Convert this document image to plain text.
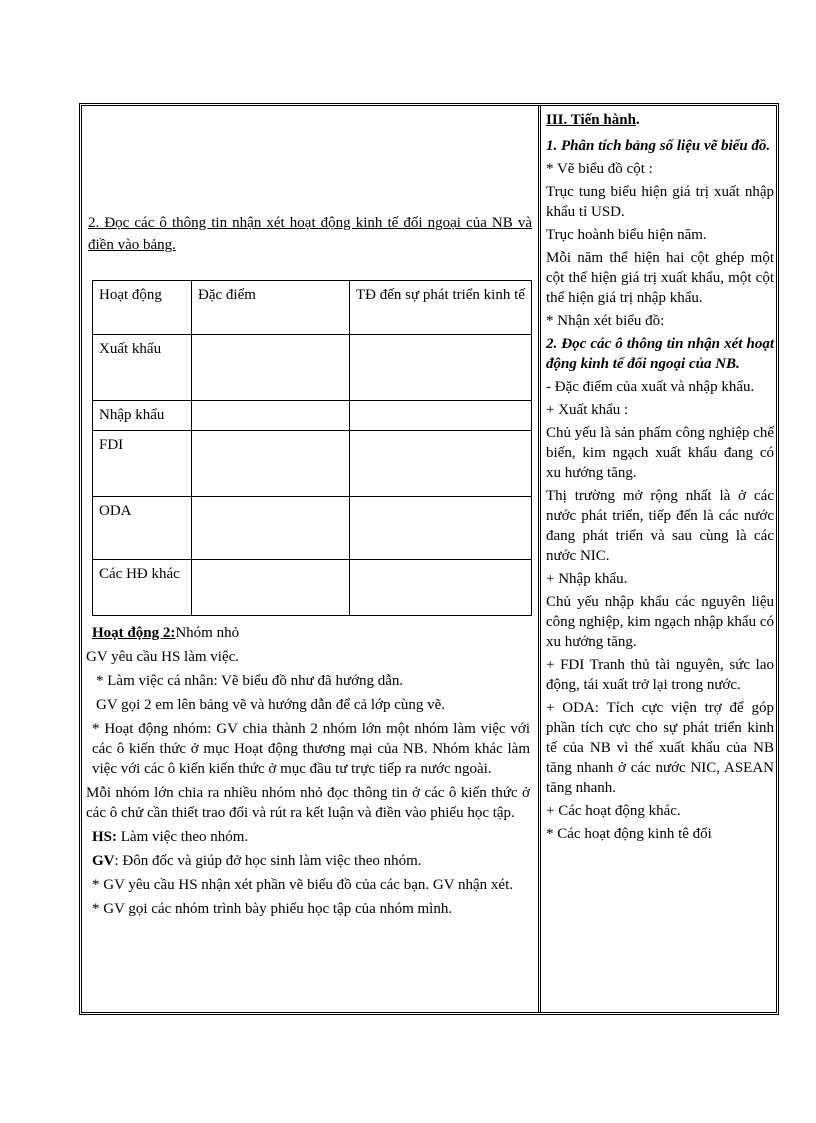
2. Đọc các ô thông tin nhận xét hoạt động kinh tế đối ngoại của NB và điền vào bảng.
Hoạt động	Đặc điểm	TĐ đến sự phát triển kinh tế
Xuất khẩu		
Nhập khẩu		
FDI		
ODA		
Các HĐ khác		

Hoạt động 2:Nhóm nhỏ

GV yêu cầu HS làm việc.

* Làm việc cá nhân: Vẽ biểu đồ như đã hướng dẫn.

GV gọi 2 em lên bảng vẽ và hướng dẫn để cả lớp cùng vẽ.

* Hoạt động nhóm: GV chia thành 2 nhóm lớn một nhóm làm việc với các ô kiến thức ở mục Hoạt động thương mại của NB. Nhóm khác làm việc với các ô kiến kiến thức ở mục đầu tư trực tiếp ra nước ngoài.

Mỗi nhóm lớn chia ra nhiều nhóm nhỏ đọc thông tin ở các ô kiến thức ở các ô chử cần thiết trao đổi và rút ra kết luận và điền vào phiếu học tập.

HS: Làm việc theo nhóm.

GV: Đôn đốc và giúp đở học sinh làm việc theo nhóm.

* GV yêu cầu HS nhận xét phần vẽ biểu đồ của các bạn. GV nhận xét.

* GV gọi các nhóm trình bày phiếu học tập của nhóm mình.

III. Tiến hành.

1. Phân tích bảng số liệu vẽ biểu đồ.

* Vẽ biểu đồ cột :

Trục tung biểu hiện giá trị xuất nhập khẩu tỉ USD.

Trục hoành biểu hiện năm.

Mỗi năm thể hiện hai cột ghép một cột thể hiện giá trị xuất khẩu, một cột thể hiện giá trị nhập khẩu.

* Nhận xét biểu đồ:

2. Đọc các ô thông tin nhận xét hoạt động kinh tế đối ngoại của NB.

- Đặc điểm của xuất và nhập khẩu.

+ Xuất khẩu :

Chủ yếu là sản phẩm công nghiệp chế biến, kim ngạch xuất khẩu đang có xu hướng tăng.

Thị trường mở rộng nhất là ở các nước phát triển, tiếp đến là các nước đang phát triển và sau cùng là các nước NIC.

+ Nhập khẩu.

Chủ yếu nhập khẩu các nguyên liệu công nghiệp, kim ngạch nhập khẩu có xu hướng tăng.

+ FDI Tranh thủ tài nguyên, sức lao động, tái xuất trở lại trong nước.

+ ODA: Tích cực viện trợ để góp phần tích cực cho sự phát triển kinh tế của NB vì thế xuất khẩu của NB tăng nhanh ở các nước NIC, ASEAN tăng nhanh.

+ Các hoạt động khác.

* Các hoạt động kinh tê đối
